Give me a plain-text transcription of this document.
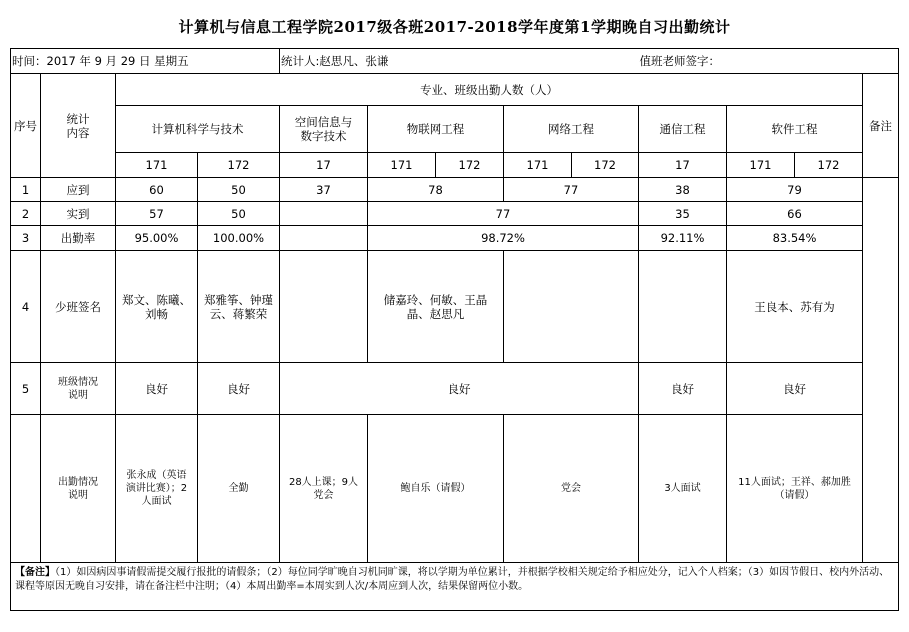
计算机与信息工程学院2017级各班2017-2018学年度第1学期晚自习出勤统计
时间：2017 年 9 月 29 日 星期五				统计人:赵思凡、张谦					值班老师签字：			
序号	统计
内容	专业、班级出勤人数（人）										备注
		计算机科学与技术		空间信息与
数字技术	物联网工程		网络工程		通信工程	软件工程		
		171	172	17	171	172	171	172	17	171	172	
1	应到	60	50	37	78		77		38	79		
2	实到	57	50		77				35	66		
3	出勤率	95.00%	100.00%		98.72%				92.11%	83.54%		
4	少班签名	郑文、陈曦、刘畅	郑雅筝、钟瑾云、蒋繁荣		储嘉玲、何敏、王晶晶、赵思凡					王良本、苏有为		
5	班级情况
说明	良好	良好	良好					良好	良好		
	出勤情况
说明	张永成（英语演讲比赛）；2人面试	全勤	28人上课；9人党会	鲍自乐（请假）		党会		3人面试	11人面试；王祥、郝加胜（请假）		
【备注】（1）如因病因事请假需提交履行报批的请假条；（2）每位同学旷晚自习机同旷课，将以学期为单位累计，并根据学校相关规定给予相应处分，记入个人档案；（3）如因节假日、校内外活动、课程等原因无晚自习安排，请在备注栏中注明；（4）本周出勤率=本周实到人次/本周应到人次，结果保留两位小数。												
